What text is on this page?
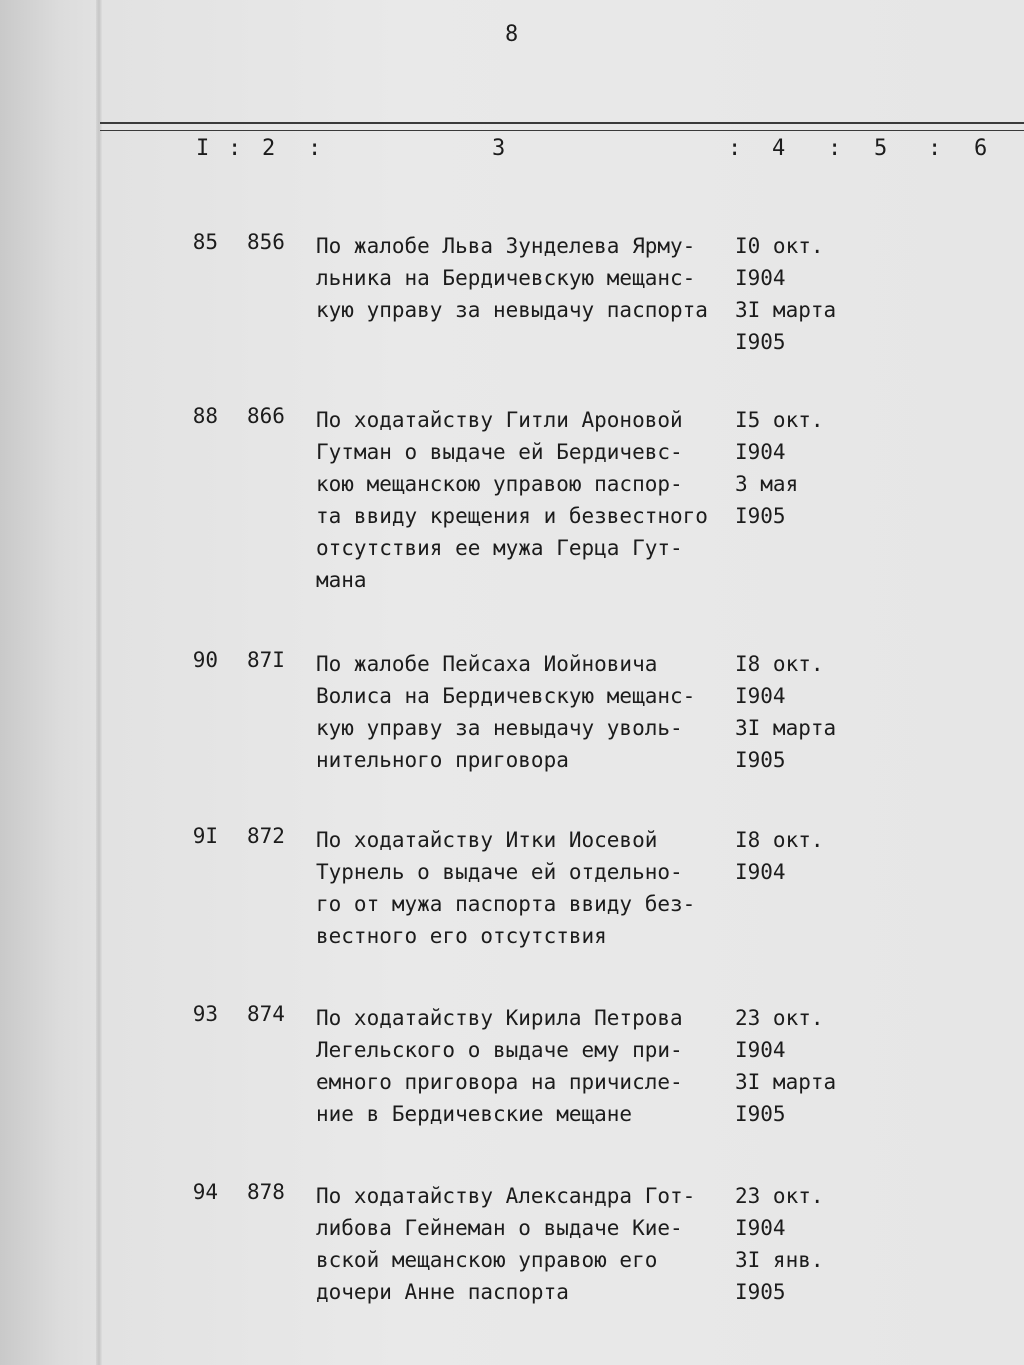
8
I : 2 :	3	: 4 : 5 : 6
85 856 По жалобе Льва Зунделева Ярму-
льника на Бердичевскую мещанс-
кую управу за невыдачу паспорта
I0 окт.
I904
3I марта
I905
88 866 По ходатайству Гитли Ароновой
Гутман о выдаче ей Бердичевс-
кою мещанскою управою паспор-
та ввиду крещения и безвестного
отсутствия ее мужа Герца Гут-
мана
I5 окт.
I904
3 мая
I905
90 87I По жалобе Пейсаха Иойновича
Волиса на Бердичевскую мещанс-
кую управу за невыдачу уволь-
нительного приговора
I8 окт.
I904
3I марта
I905
9I 872 По ходатайству Итки Иосевой
Турнель о выдаче ей отдельно-
го от мужа паспорта ввиду без-
вестного его отсутствия
I8 окт.
I904
93 874 По ходатайству Кирила Петрова
Легельского о выдаче ему при-
емного приговора на причисле-
ние в Бердичевские мещане
23 окт.
I904
3I марта
I905
94 878 По ходатайству Александра Гот-
либова Гейнеман о выдаче Кие-
вской мещанскою управою его
дочери Анне паспорта
23 окт.
I904
3I янв.
I905
